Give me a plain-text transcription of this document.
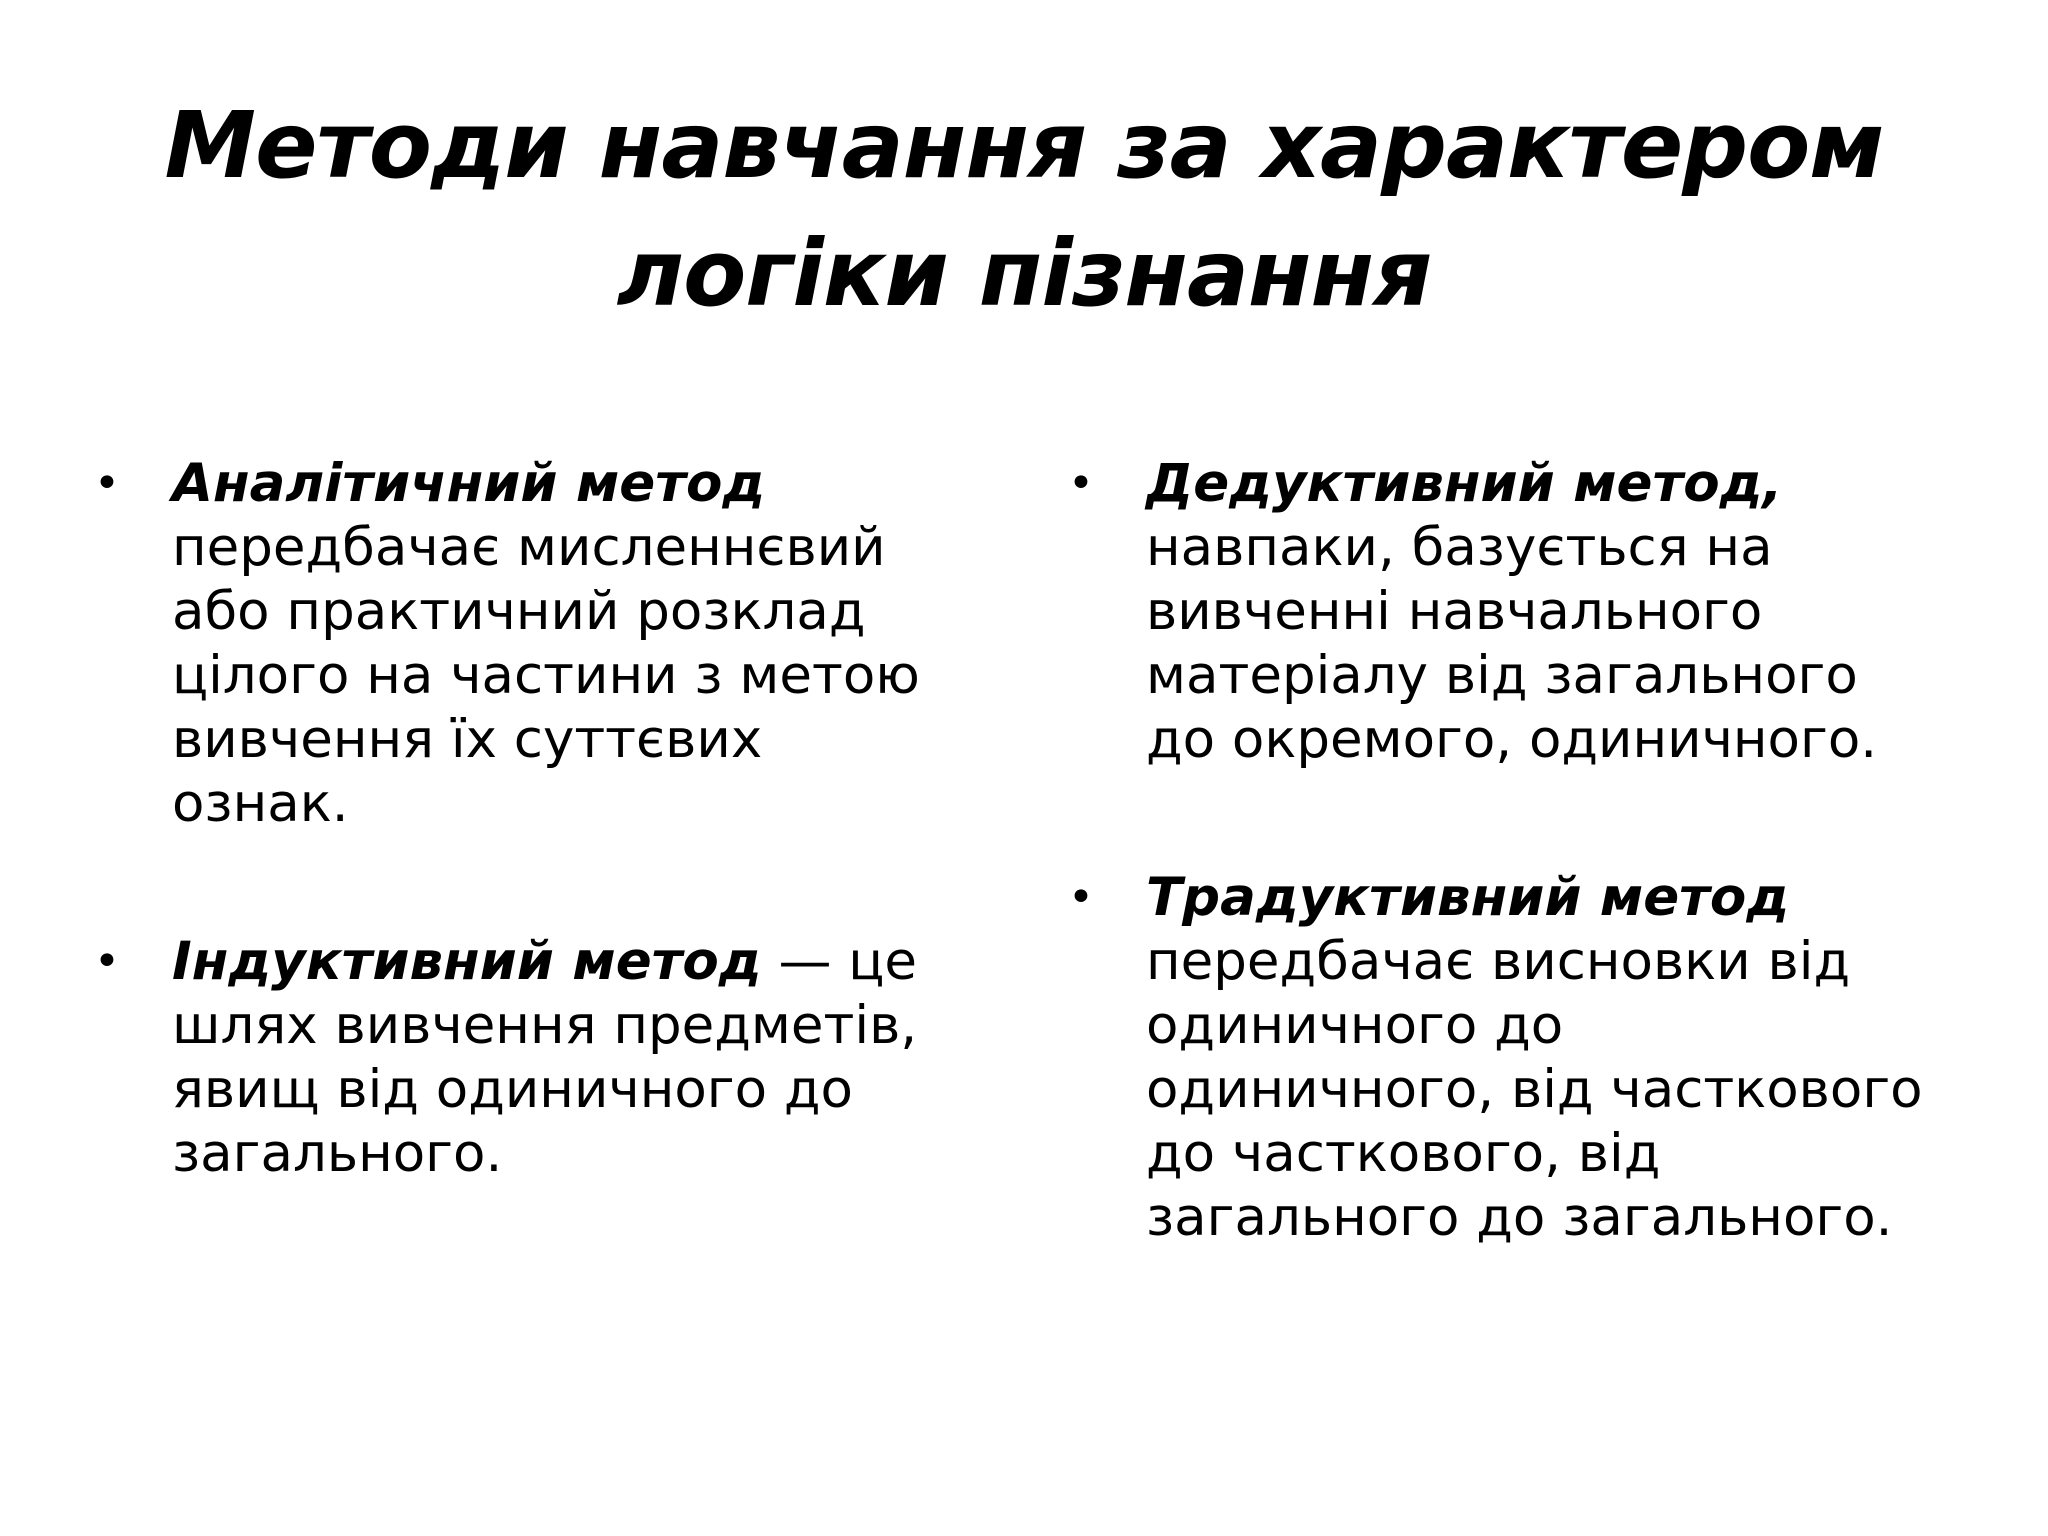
Методи навчання за характером
логіки пізнання
• Аналітичний метод
передбачає мисленнєвий
або практичний розклад
цілого на частини з метою
вивчення їх суттєвих
ознак.
• Індуктивний метод — це
шлях вивчення предметів,
явищ від одиничного до
загального.
• Дедуктивний метод,
навпаки, базується на
вивченні навчального
матеріалу від загального
до окремого, одиничного.
• Традуктивний метод
передбачає висновки від
одиничного до
одиничного, від часткового
до часткового, від
загального до загального.
